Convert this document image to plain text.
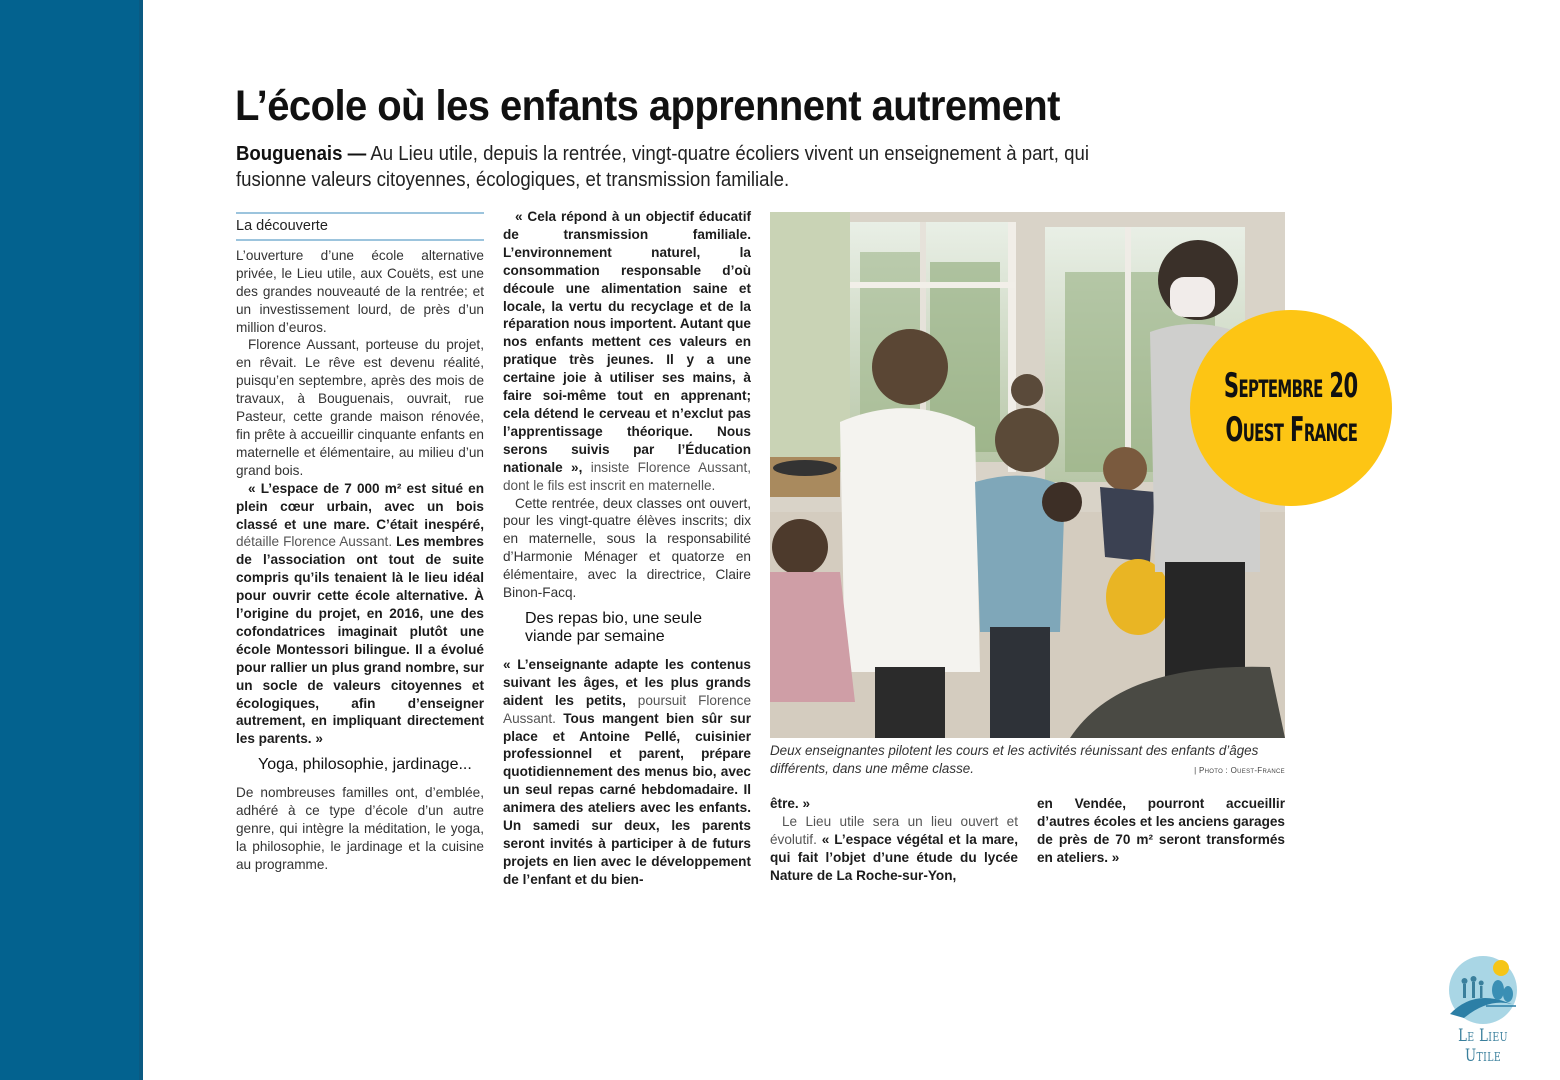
L’école où les enfants apprennent autrement
Bouguenais — Au Lieu utile, depuis la rentrée, vingt-quatre écoliers vivent un enseignement à part, qui fusionne valeurs citoyennes, écologiques, et transmission familiale.
La découverte

L’ouverture d’une école alternative privée, le Lieu utile, aux Couëts, est une des grandes nouveauté de la rentrée; et un investissement lourd, de près d’un million d’euros.

Florence Aussant, porteuse du projet, en rêvait. Le rêve est devenu réalité, puisqu’en septembre, après des mois de travaux, à Bouguenais, ouvrait, rue Pasteur, cette grande maison rénovée, fin prête à accueillir cinquante enfants en maternelle et élémentaire, au milieu d’un grand bois.

« L’espace de 7 000 m² est situé en plein cœur urbain, avec un bois classé et une mare. C’était inespéré, détaille Florence Aussant. Les membres de l’association ont tout de suite compris qu’ils tenaient là le lieu idéal pour ouvrir cette école alternative. À l’origine du projet, en 2016, une des cofondatrices imaginait plutôt une école Montessori bilingue. Il a évolué pour rallier un plus grand nombre, sur un socle de valeurs citoyennes et écologiques, afin d’enseigner autrement, en impliquant directement les parents. »

Yoga, philosophie, jardinage...

De nombreuses familles ont, d’emblée, adhéré à ce type d’école d’un autre genre, qui intègre la méditation, le yoga, la philosophie, le jardinage et la cuisine au programme.

« Cela répond à un objectif éducatif de transmission familiale. L’environnement naturel, la consommation responsable d’où découle une alimentation saine et locale, la vertu du recyclage et de la réparation nous importent. Autant que nos enfants mettent ces valeurs en pratique très jeunes. Il y a une certaine joie à utiliser ses mains, à faire soi-même tout en apprenant; cela détend le cerveau et n’exclut pas l’apprentissage théorique. Nous serons suivis par l’Éducation nationale », insiste Florence Aussant, dont le fils est inscrit en maternelle.

Cette rentrée, deux classes ont ouvert, pour les vingt-quatre élèves inscrits; dix en maternelle, sous la responsabilité d’Harmonie Ménager et quatorze en élémentaire, avec la directrice, Claire Binon-Facq.

Des repas bio, une seule viande par semaine

« L’enseignante adapte les contenus suivant les âges, et les plus grands aident les petits, poursuit Florence Aussant. Tous mangent bien sûr sur place et Antoine Pellé, cuisinier professionnel et parent, prépare quotidiennement des menus bio, avec un seul repas carné hebdomadaire. Il animera des ateliers avec les enfants. Un samedi sur deux, les parents seront invités à participer à de futurs projets en lien avec le développement de l’enfant et du bien-

Deux enseignantes pilotent les cours et les activités réunissant des enfants d’âges différents, dans une même classe.	| Photo : Ouest-France

être. »

Le Lieu utile sera un lieu ouvert et évolutif. « L’espace végétal et la mare, qui fait l’objet d’une étude du lycée Nature de La Roche-sur-Yon,

en Vendée, pourront accueillir d’autres écoles et les anciens garages de près de 70 m² seront transformés en ateliers. »

Septembre 20
Ouest France
Le Lieu Utile
